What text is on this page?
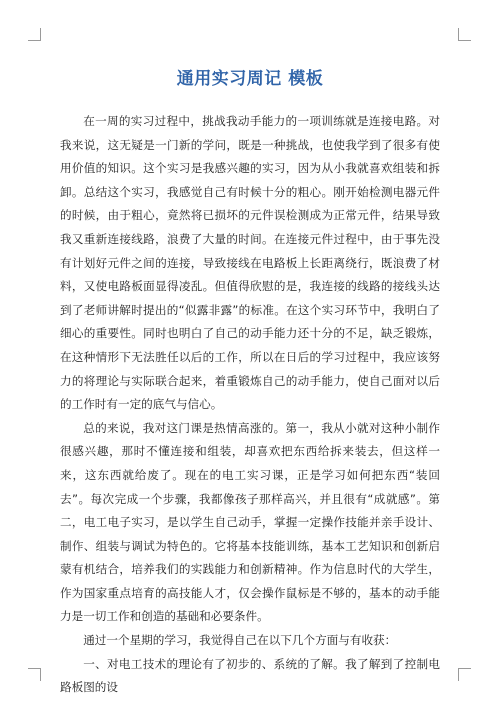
通用实习周记 模板

在一周的实习过程中，挑战我动手能力的一项训练就是连接电路。对我来说，这无疑是一门新的学问，既是一种挑战，也使我学到了很多有使用价值的知识。这个实习是我感兴趣的实习，因为从小我就喜欢组装和拆卸。总结这个实习，我感觉自己有时候十分的粗心。刚开始检测电器元件的时候，由于粗心，竟然将已损坏的元件误检测成为正常元件，结果导致我又重新连接线路，浪费了大量的时间。在连接元件过程中，由于事先没有计划好元件之间的连接，导致接线在电路板上长距离绕行，既浪费了材料，又使电路板面显得凌乱。但值得欣慰的是，我连接的线路的接线头达到了老师讲解时提出的“似露非露”的标准。在这个实习环节中，我明白了细心的重要性。同时也明白了自己的动手能力还十分的不足，缺乏锻炼，在这种情形下无法胜任以后的工作，所以在日后的学习过程中，我应该努力的将理论与实际联合起来，着重锻炼自己的动手能力，使自己面对以后的工作时有一定的底气与信心。

总的来说，我对这门课是热情高涨的。第一，我从小就对这种小制作很感兴趣，那时不懂连接和组装，却喜欢把东西给拆来装去，但这样一来，这东西就给废了。现在的电工实习课，正是学习如何把东西“装回去”。每次完成一个步骤，我都像孩子那样高兴，并且很有“成就感”。第二，电工电子实习，是以学生自己动手，掌握一定操作技能并亲手设计、制作、组装与调试为特色的。它将基本技能训练，基本工艺知识和创新启蒙有机结合，培养我们的实践能力和创新精神。作为信息时代的大学生，作为国家重点培育的高技能人才，仅会操作鼠标是不够的，基本的动手能力是一切工作和创造的基础和必要条件。

通过一个星期的学习，我觉得自己在以下几个方面与有收获：

一、对电工技术的理论有了初步的、系统的了解。我了解到了控制电路板图的设
